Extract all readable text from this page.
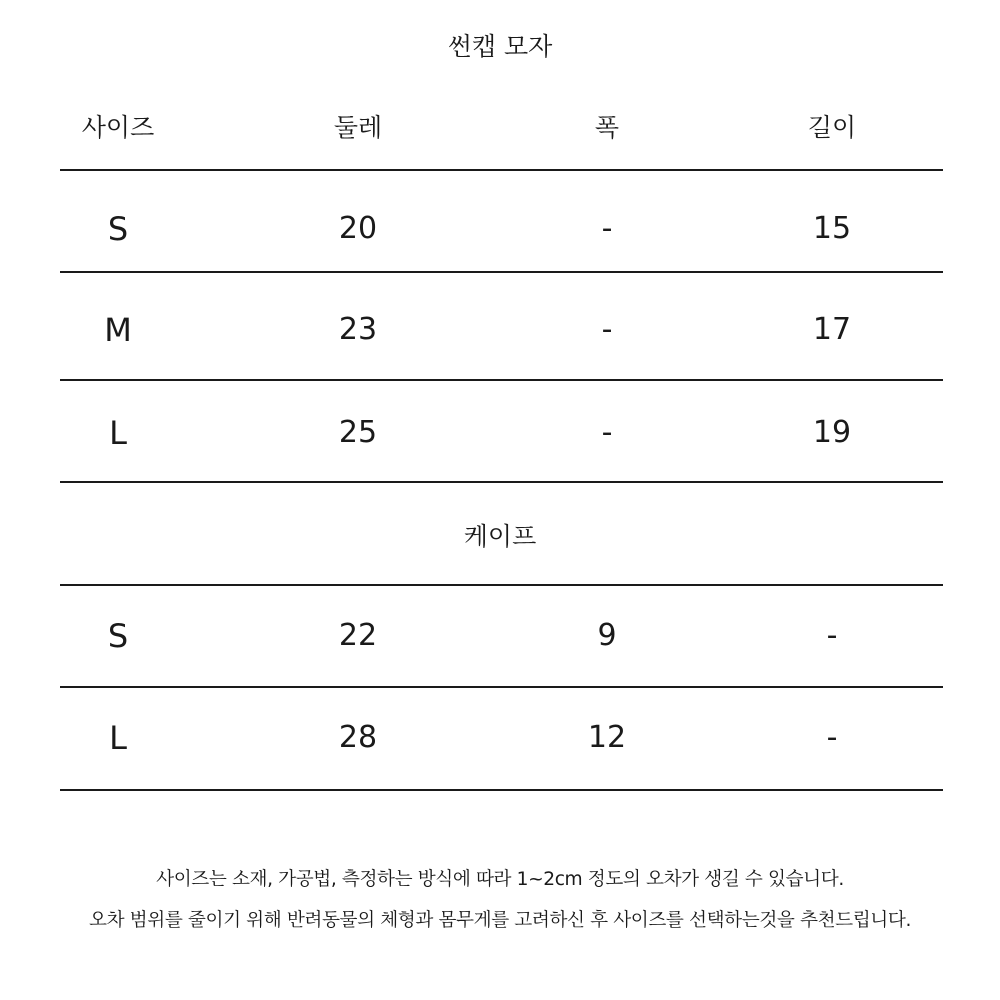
썬캡 모자
사이즈	둘레	폭	길이
S	20	-	15
M	23	-	17
L	25	-	19
케이프
S	22	9	-
L	28	12	-
사이즈는 소재, 가공법, 측정하는 방식에 따라 1~2cm 정도의 오차가 생길 수 있습니다.
오차 범위를 줄이기 위해 반려동물의 체형과 몸무게를 고려하신 후 사이즈를 선택하는것을 추천드립니다.
